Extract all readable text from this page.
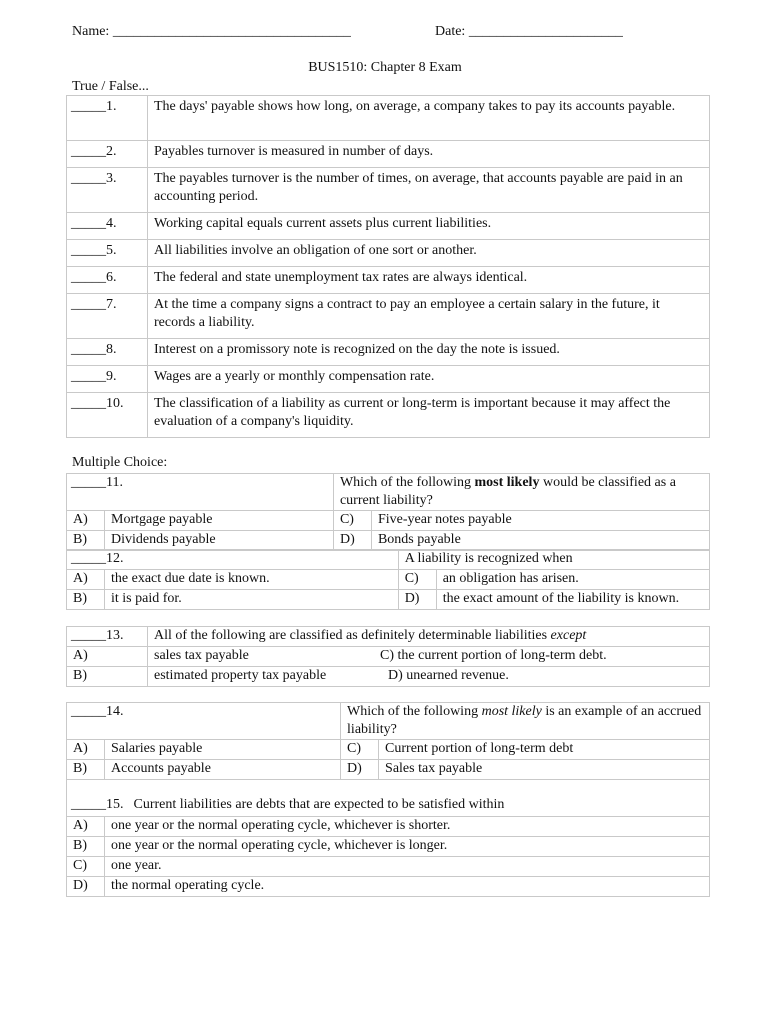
Name: __________________________________	Date: ______________________
BUS1510: Chapter 8 Exam
True / False...
_____1.	The days' payable shows how long, on average, a company takes to pay its accounts payable.
_____2.	Payables turnover is measured in number of days.
_____3.	The payables turnover is the number of times, on average, that accounts payable are paid in an accounting period.
_____4.	Working capital equals current assets plus current liabilities.
_____5.	All liabilities involve an obligation of one sort or another.
_____6.	The federal and state unemployment tax rates are always identical.
_____7.	At the time a company signs a contract to pay an employee a certain salary in the future, it records a liability.
_____8.	Interest on a promissory note is recognized on the day the note is issued.
_____9.	Wages are a yearly or monthly compensation rate.
_____10.	The classification of a liability as current or long-term is important because it may affect the evaluation of a company's liquidity.
Multiple Choice:
_____11.		Which of the following most likely would be classified as a current liability?	
A)	Mortgage payable	C)	Five-year notes payable
B)	Dividends payable	D)	Bonds payable
_____12.		A liability is recognized when	
A)	the exact due date is known.	C)	an obligation has arisen.
B)	it is paid for.	D)	the exact amount of the liability is known.
_____13.	All of the following are classified as definitely determinable liabilities except	
A)	sales tax payable	C) the current portion of long-term debt.
B)	estimated property tax payable	D) unearned revenue.
_____14.		Which of the following most likely is an example of an accrued liability?	
A)	Salaries payable	C)	Current portion of long-term debt
B)	Accounts payable	D)	Sales tax payable
_____15. Current liabilities are debts that are expected to be satisfied within			
A)	one year or the normal operating cycle, whichever is shorter.		
B)	one year or the normal operating cycle, whichever is longer.		
C)	one year.		
D)	the normal operating cycle.		
